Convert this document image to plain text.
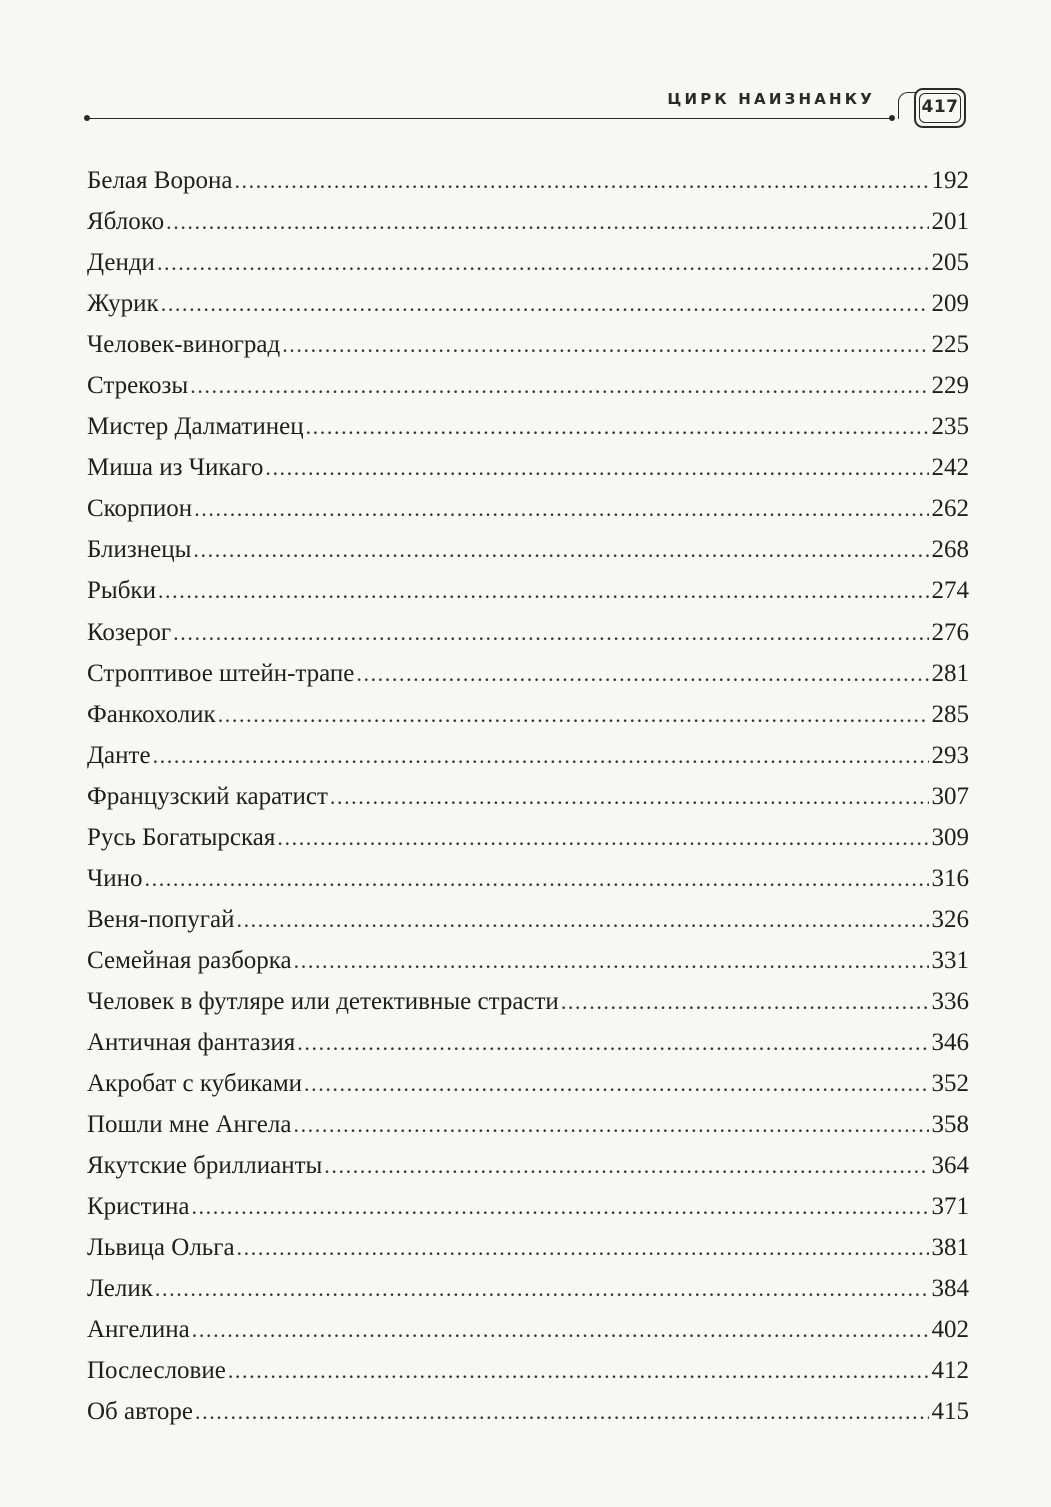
ЦИРК НАИЗНАНКУ	417
Белая Ворона .....	192
Яблоко .....	201
Денди .....	205
Журик .....	209
Человек-виноград .....	225
Стрекозы .....	229
Мистер Далматинец .....	235
Миша из Чикаго .....	242
Скорпион .....	262
Близнецы .....	268
Рыбки .....	274
Козерог .....	276
Строптивое штейн-трапе .....	281
Фанкохолик .....	285
Данте .....	293
Французский каратист .....	307
Русь Богатырская .....	309
Чино .....	316
Веня-попугай .....	326
Семейная разборка .....	331
Человек в футляре или детективные страсти .....	336
Античная фантазия .....	346
Акробат с кубиками .....	352
Пошли мне Ангела .....	358
Якутские бриллианты .....	364
Кристина .....	371
Львица Ольга .....	381
Лелик .....	384
Ангелина .....	402
Послесловие .....	412
Об авторе .....	415
